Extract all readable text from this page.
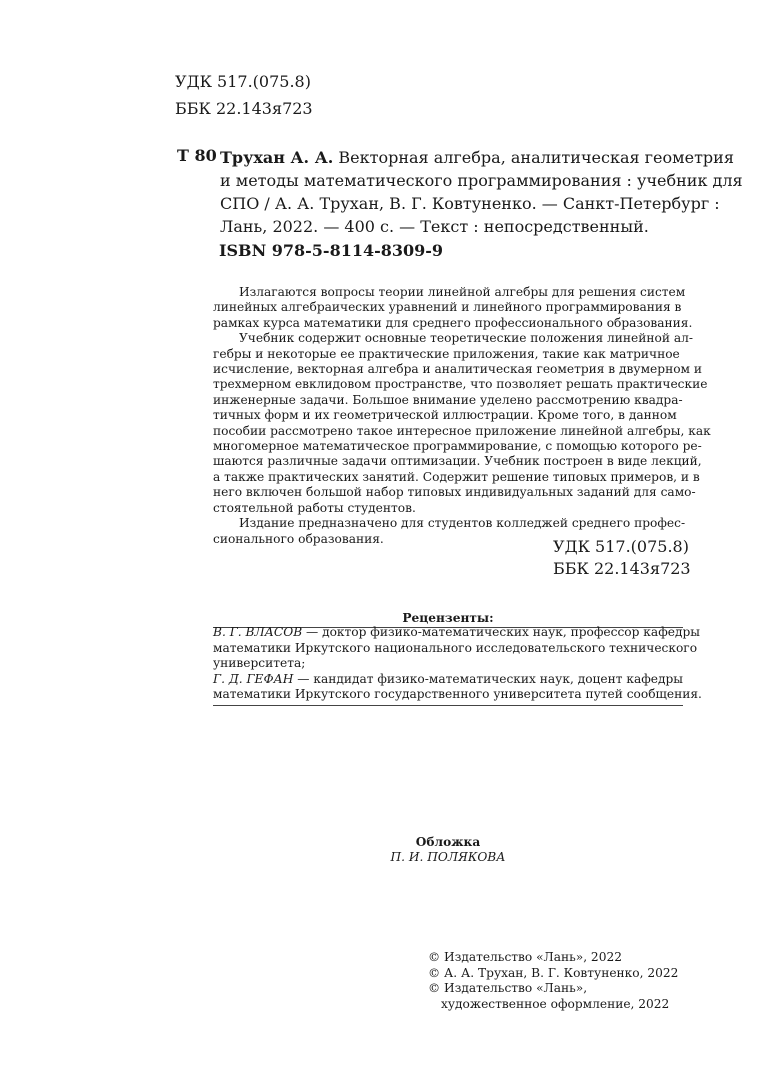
УДК 517.(075.8)
ББК 22.143я723
Т 80 Трухан А. А. Векторная алгебра, аналитическая геометрия
и методы математического программирования : учебник для
СПО / А. А. Трухан, В. Г. Ковтуненко. — Санкт-Петербург :
Лань, 2022. — 400 с. — Текст : непосредственный.
ISBN 978-5-8114-8309-9
Излагаются вопросы теории линейной алгебры для решения систем
линейных алгебраических уравнений и линейного программирования в
рамках курса математики для среднего профессионального образования.
Учебник содержит основные теоретические положения линейной ал-
гебры и некоторые ее практические приложения, такие как матричное
исчисление, векторная алгебра и аналитическая геометрия в двумерном и
трехмерном евклидовом пространстве, что позволяет решать практические
инженерные задачи. Большое внимание уделено рассмотрению квадра-
тичных форм и их геометрической иллюстрации. Кроме того, в данном
пособии рассмотрено такое интересное приложение линейной алгебры, как
многомерное математическое программирование, с помощью которого ре-
шаются различные задачи оптимизации. Учебник построен в виде лекций,
а также практических занятий. Содержит решение типовых примеров, и в
него включен большой набор типовых индивидуальных заданий для само-
стоятельной работы студентов.
Издание предназначено для студентов колледжей среднего профес-
сионального образования.	УДК 517.(075.8)
ББК 22.143я723
Рецензенты:
В. Г. ВЛАСОВ — доктор физико-математических наук, профессор кафедры
математики Иркутского национального исследовательского технического
университета;
Г. Д. ГЕФАН — кандидат физико-математических наук, доцент кафедры
математики Иркутского государственного университета путей сообщения.
Обложка
П. И. ПОЛЯКОВА
© Издательство «Лань», 2022
© А. А. Трухан, В. Г. Ковтуненко, 2022
© Издательство «Лань»,
художественное оформление, 2022
